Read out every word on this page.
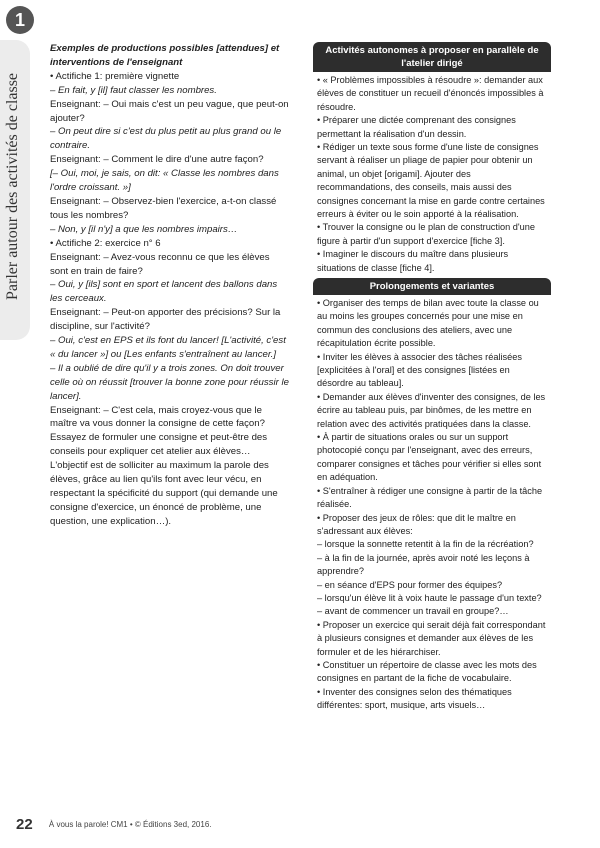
1
Parler autour des activités de classe

Exemples de productions possibles [attendues] et interventions de l'enseignant

• Actifiche 1: première vignette

– En fait, y [il] faut classer les nombres.

Enseignant: – Oui mais c'est un peu vague, que peut-on ajouter?

– On peut dire si c'est du plus petit au plus grand ou le contraire.

Enseignant: – Comment le dire d'une autre façon?

[– Oui, moi, je sais, on dit: « Classe les nombres dans l'ordre croissant. »]

Enseignant: – Observez-bien l'exercice, a-t-on classé tous les nombres?

– Non, y [il n'y] a que les nombres impairs…

• Actifiche 2: exercice n° 6

Enseignant: – Avez-vous reconnu ce que les élèves sont en train de faire?

– Oui, y [ils] sont en sport et lancent des ballons dans les cerceaux.

Enseignant: – Peut-on apporter des précisions? Sur la discipline, sur l'activité?

– Oui, c'est en EPS et ils font du lancer! [L'activité, c'est « du lancer »] ou [Les enfants s'entraînent au lancer.]

– Il a oublié de dire qu'il y a trois zones. On doit trouver celle où on réussit [trouver la bonne zone pour réussir le lancer].

Enseignant: – C'est cela, mais croyez-vous que le maître va vous donner la consigne de cette façon? Essayez de formuler une consigne et peut-être des conseils pour expliquer cet atelier aux élèves…

L'objectif est de solliciter au maximum la parole des élèves, grâce au lien qu'ils font avec leur vécu, en respectant la spécificité du support (qui demande une consigne d'exercice, un énoncé de problème, une question, une explication…).

Activités autonomes à proposer en parallèle de l'atelier dirigé

• « Problèmes impossibles à résoudre »: demander aux élèves de constituer un recueil d'énoncés impossibles à résoudre.

• Préparer une dictée comprenant des consignes permettant la réalisation d'un dessin.

• Rédiger un texte sous forme d'une liste de consignes servant à réaliser un pliage de papier pour obtenir un animal, un objet [origami]. Ajouter des recommandations, des conseils, mais aussi des consignes concernant la mise en garde contre certaines erreurs à éviter ou le soin apporté à la réalisation.

• Trouver la consigne ou le plan de construction d'une figure à partir d'un support d'exercice [fiche 3].

• Imaginer le discours du maître dans plusieurs situations de classe [fiche 4].

Prolongements et variantes

• Organiser des temps de bilan avec toute la classe ou au moins les groupes concernés pour une mise en commun des conclusions des ateliers, avec une récapitulation écrite possible.

• Inviter les élèves à associer des tâches réalisées [explicitées à l'oral] et des consignes [listées en désordre au tableau].

• Demander aux élèves d'inventer des consignes, de les écrire au tableau puis, par binômes, de les mettre en relation avec des activités pratiquées dans la classe.

• À partir de situations orales ou sur un support photocopié conçu par l'enseignant, avec des erreurs, comparer consignes et tâches pour vérifier si elles sont en adéquation.

• S'entraîner à rédiger une consigne à partir de la tâche réalisée.

• Proposer des jeux de rôles: que dit le maître en s'adressant aux élèves:

– lorsque la sonnette retentit à la fin de la récréation?

– à la fin de la journée, après avoir noté les leçons à apprendre?

– en séance d'EPS pour former des équipes?

– lorsqu'un élève lit à voix haute le passage d'un texte?

– avant de commencer un travail en groupe?…

• Proposer un exercice qui serait déjà fait correspondant à plusieurs consignes et demander aux élèves de les formuler et de les hiérarchiser.

• Constituer un répertoire de classe avec les mots des consignes en partant de la fiche de vocabulaire.

• Inventer des consignes selon des thématiques différentes: sport, musique, arts visuels…

22 À vous la parole! CM1 • © Éditions 3ed, 2016.
